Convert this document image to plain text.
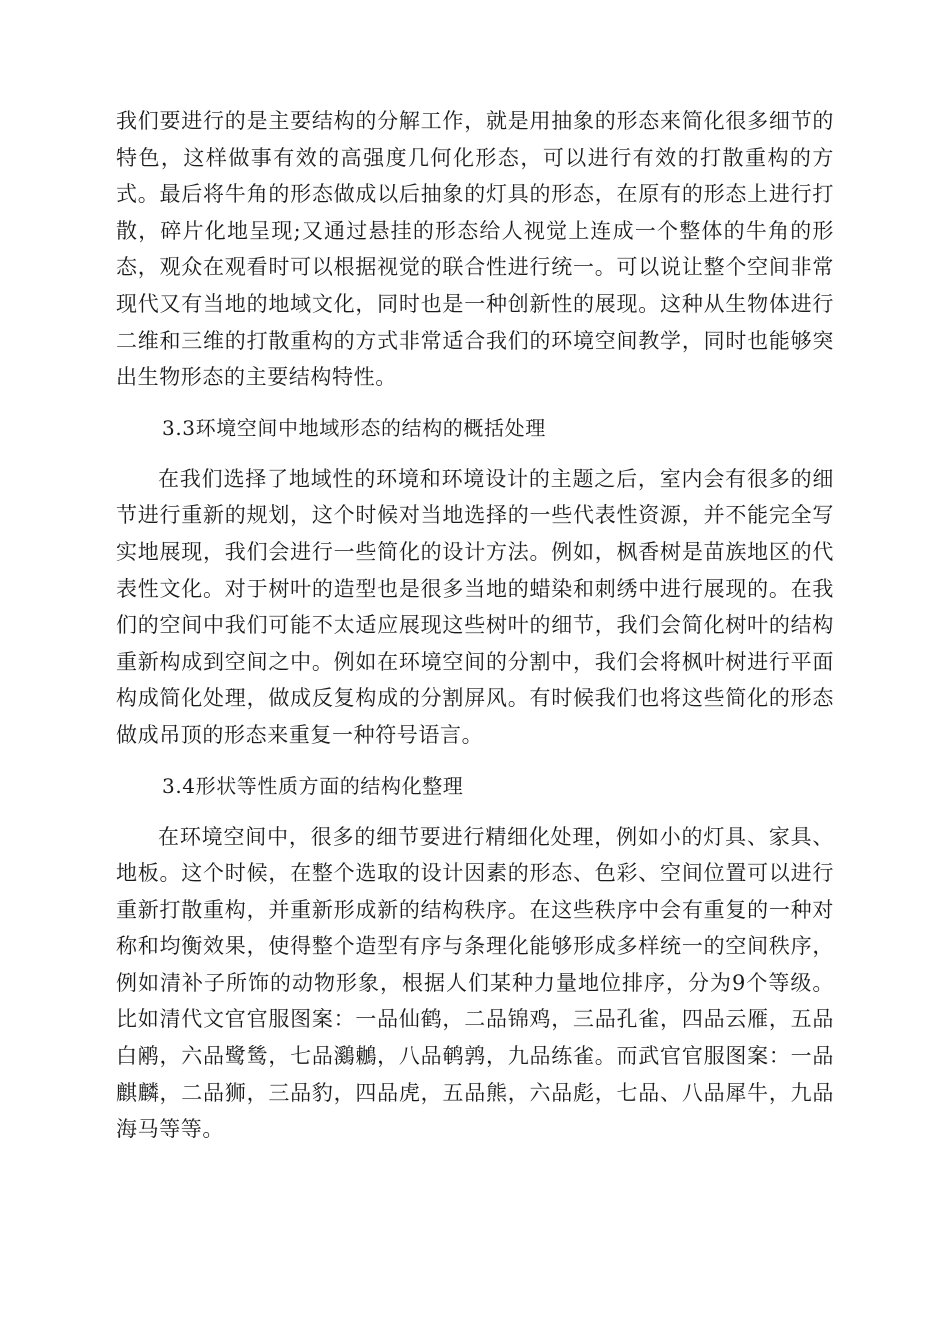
我们要进行的是主要结构的分解工作，就是用抽象的形态来简化很多细节的特色，这样做事有效的高强度几何化形态，可以进行有效的打散重构的方式。最后将牛角的形态做成以后抽象的灯具的形态，在原有的形态上进行打散，碎片化地呈现;又通过悬挂的形态给人视觉上连成一个整体的牛角的形态，观众在观看时可以根据视觉的联合性进行统一。可以说让整个空间非常现代又有当地的地域文化，同时也是一种创新性的展现。这种从生物体进行二维和三维的打散重构的方式非常适合我们的环境空间教学，同时也能够突出生物形态的主要结构特性。

3.3环境空间中地域形态的结构的概括处理

在我们选择了地域性的环境和环境设计的主题之后，室内会有很多的细节进行重新的规划，这个时候对当地选择的一些代表性资源，并不能完全写实地展现，我们会进行一些简化的设计方法。例如，枫香树是苗族地区的代表性文化。对于树叶的造型也是很多当地的蜡染和刺绣中进行展现的。在我们的空间中我们可能不太适应展现这些树叶的细节，我们会简化树叶的结构重新构成到空间之中。例如在环境空间的分割中，我们会将枫叶树进行平面构成简化处理，做成反复构成的分割屏风。有时候我们也将这些简化的形态做成吊顶的形态来重复一种符号语言。

3.4形状等性质方面的结构化整理

在环境空间中，很多的细节要进行精细化处理，例如小的灯具、家具、地板。这个时候，在整个选取的设计因素的形态、色彩、空间位置可以进行重新打散重构，并重新形成新的结构秩序。在这些秩序中会有重复的一种对称和均衡效果，使得整个造型有序与条理化能够形成多样统一的空间秩序，例如清补子所饰的动物形象，根据人们某种力量地位排序，分为9个等级。比如清代文官官服图案：一品仙鹤，二品锦鸡，三品孔雀，四品云雁，五品白鹇，六品鹭鸶，七品鸂鶒，八品鹌鹑，九品练雀。而武官官服图案：一品麒麟，二品狮，三品豹，四品虎，五品熊，六品彪，七品、八品犀牛，九品海马等等。
